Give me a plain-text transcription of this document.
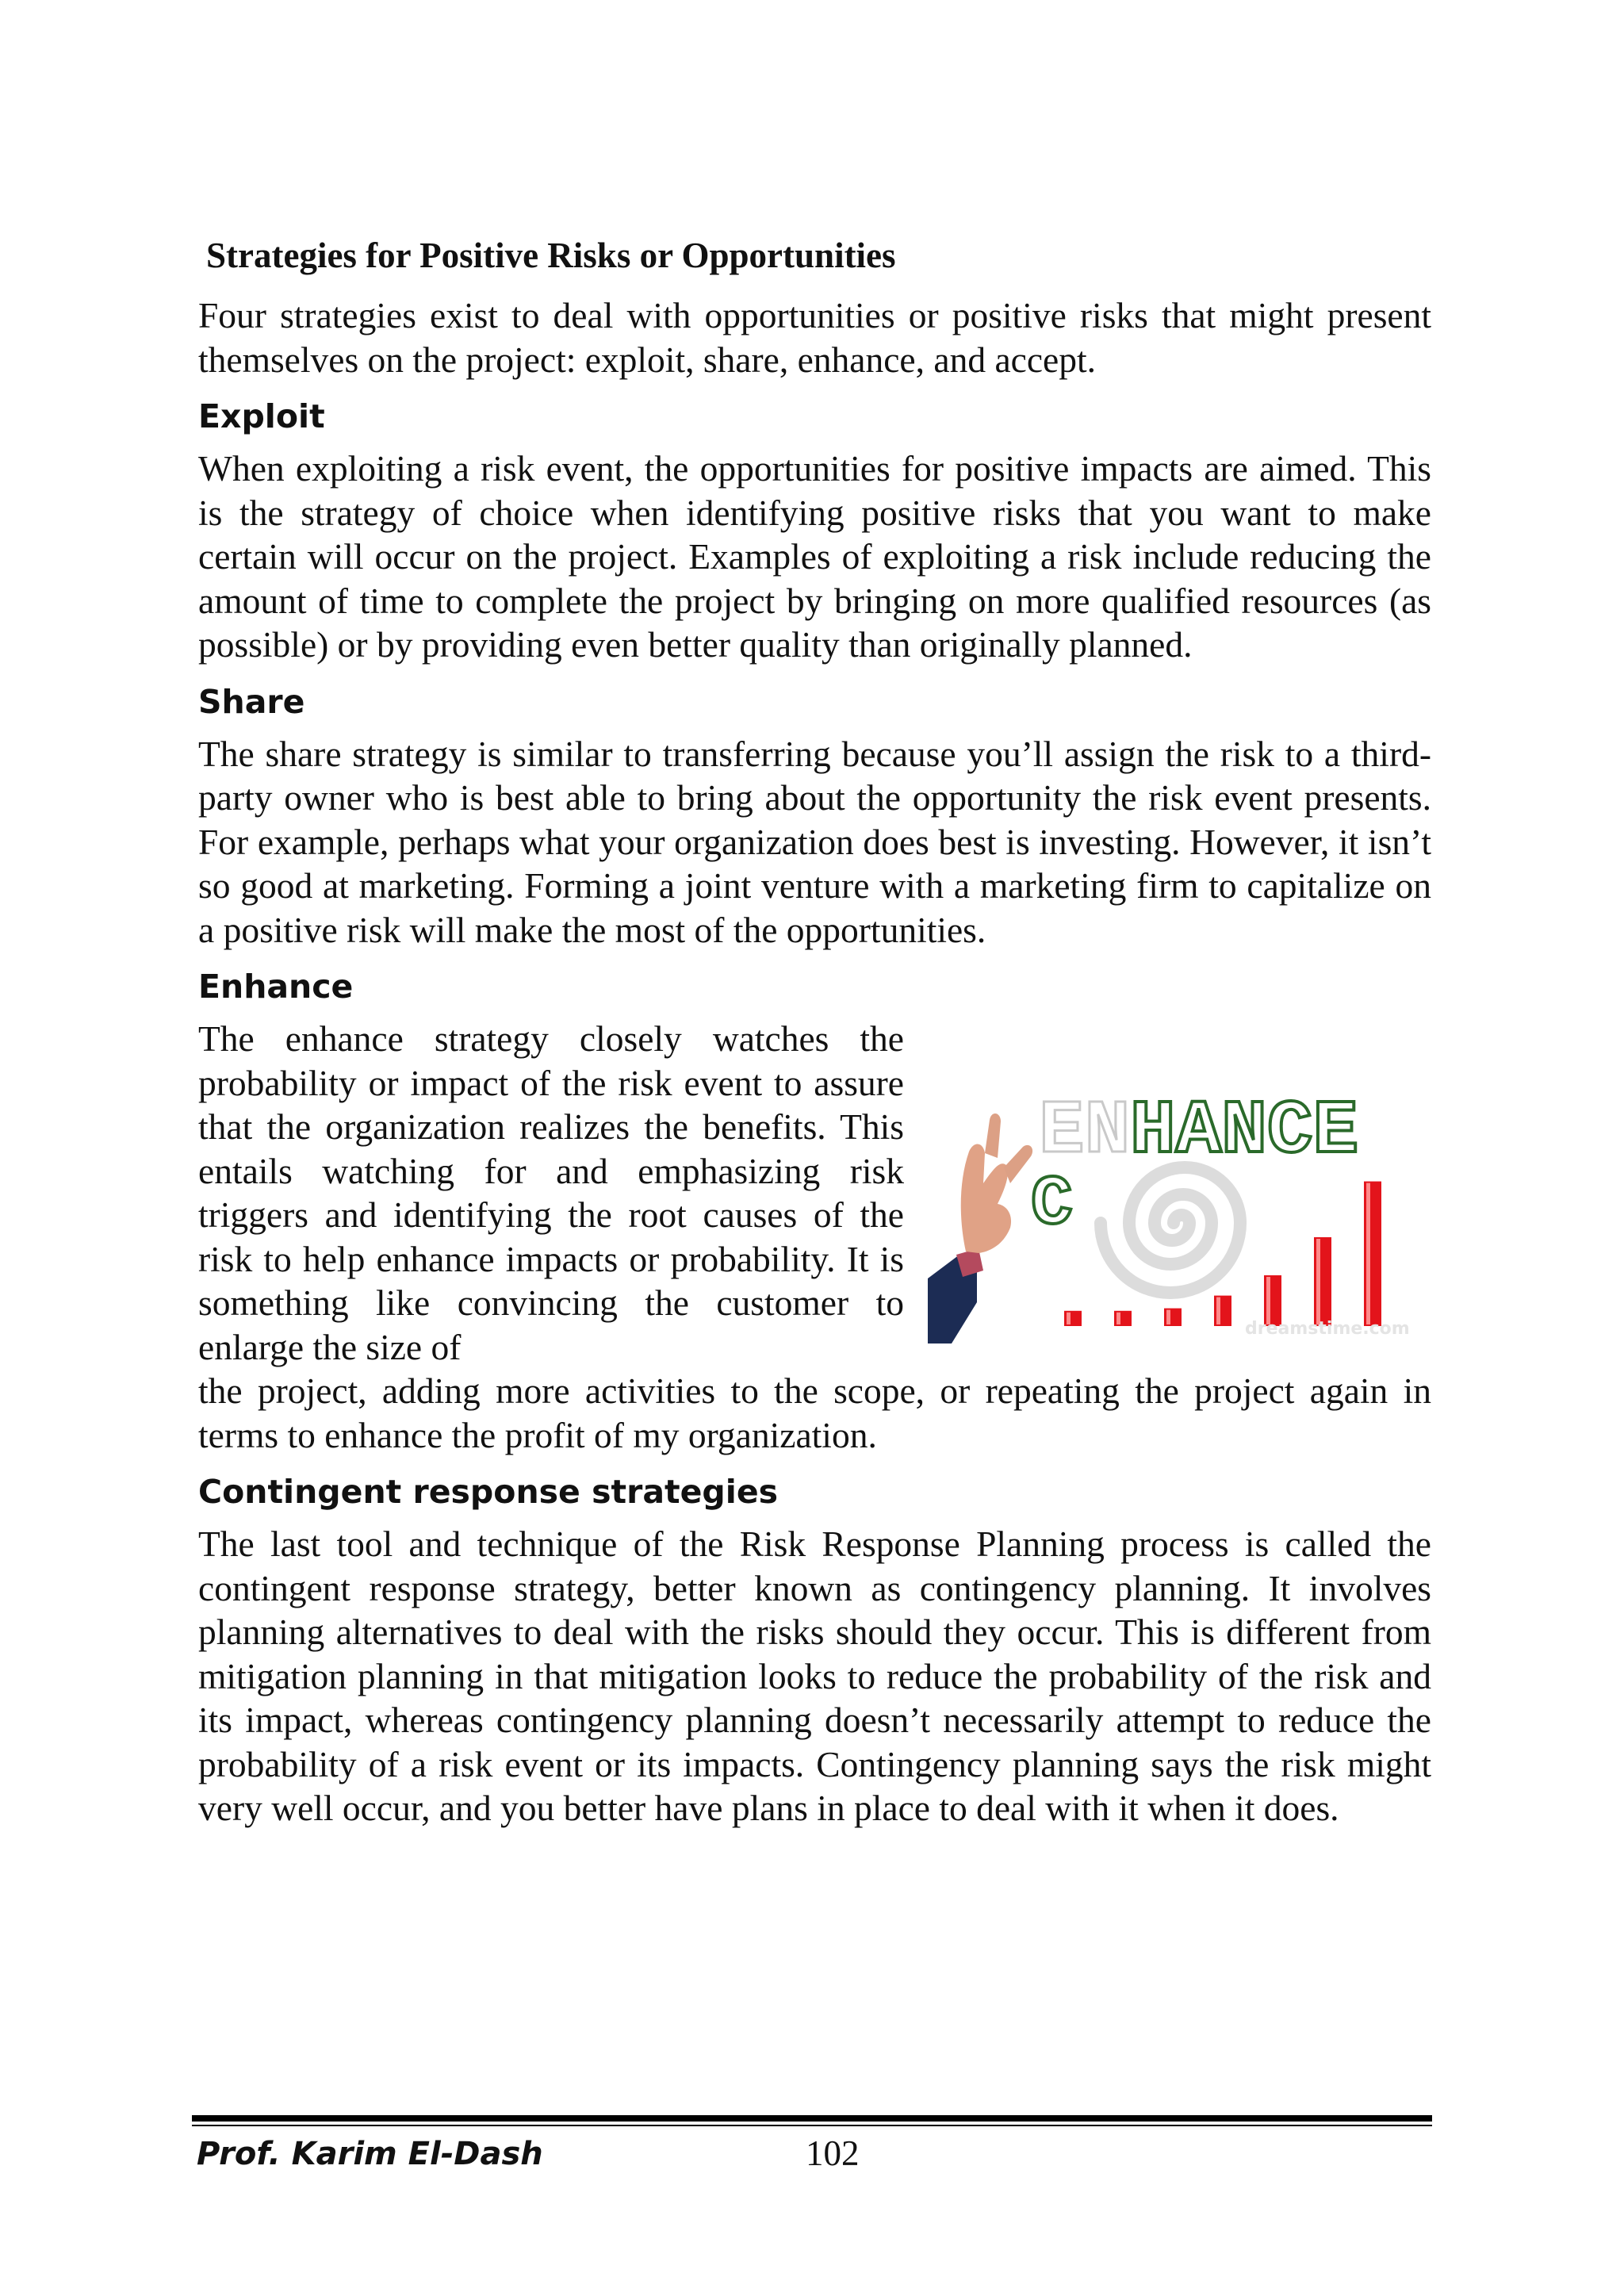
Strategies for Positive Risks or Opportunities

Four strategies exist to deal with opportunities or positive risks that might present themselves on the project: exploit, share, enhance, and accept.

Exploit

When exploiting a risk event, the opportunities for positive impacts are aimed. This is the strategy of choice when identifying positive risks that you want to make certain will occur on the project. Examples of exploiting a risk include reducing the amount of time to complete the project by bringing on more qualified resources (as possible) or by providing even better quality than originally planned.

Share

The share strategy is similar to transferring because you’ll assign the risk to a third-party owner who is best able to bring about the opportunity the risk event presents. For example, perhaps what your organization does best is investing. However, it isn’t so good at marketing. Forming a joint venture with a marketing firm to capitalize on a positive risk will make the most of the opportunities.

Enhance

The enhance strategy closely watches the probability or impact of the risk event to assure that the organization realizes the benefits. This entails watching for and emphasizing risk triggers and identifying the root causes of the risk to help enhance impacts or probability. It is something like convincing the customer to enlarge the size of

EN HANCE
C
dreamstime.com

the project, adding more activities to the scope, or repeating the project again in terms to enhance the profit of my organization.

Contingent response strategies

The last tool and technique of the Risk Response Planning process is called the contingent response strategy, better known as contingency planning. It involves planning alternatives to deal with the risks should they occur. This is different from mitigation planning in that mitigation looks to reduce the probability of the risk and its impact, whereas contingency planning doesn’t necessarily attempt to reduce the probability of a risk event or its impacts. Contingency planning says the risk might very well occur, and you better have plans in place to deal with it when it does.

Prof. Karim El-Dash	102
